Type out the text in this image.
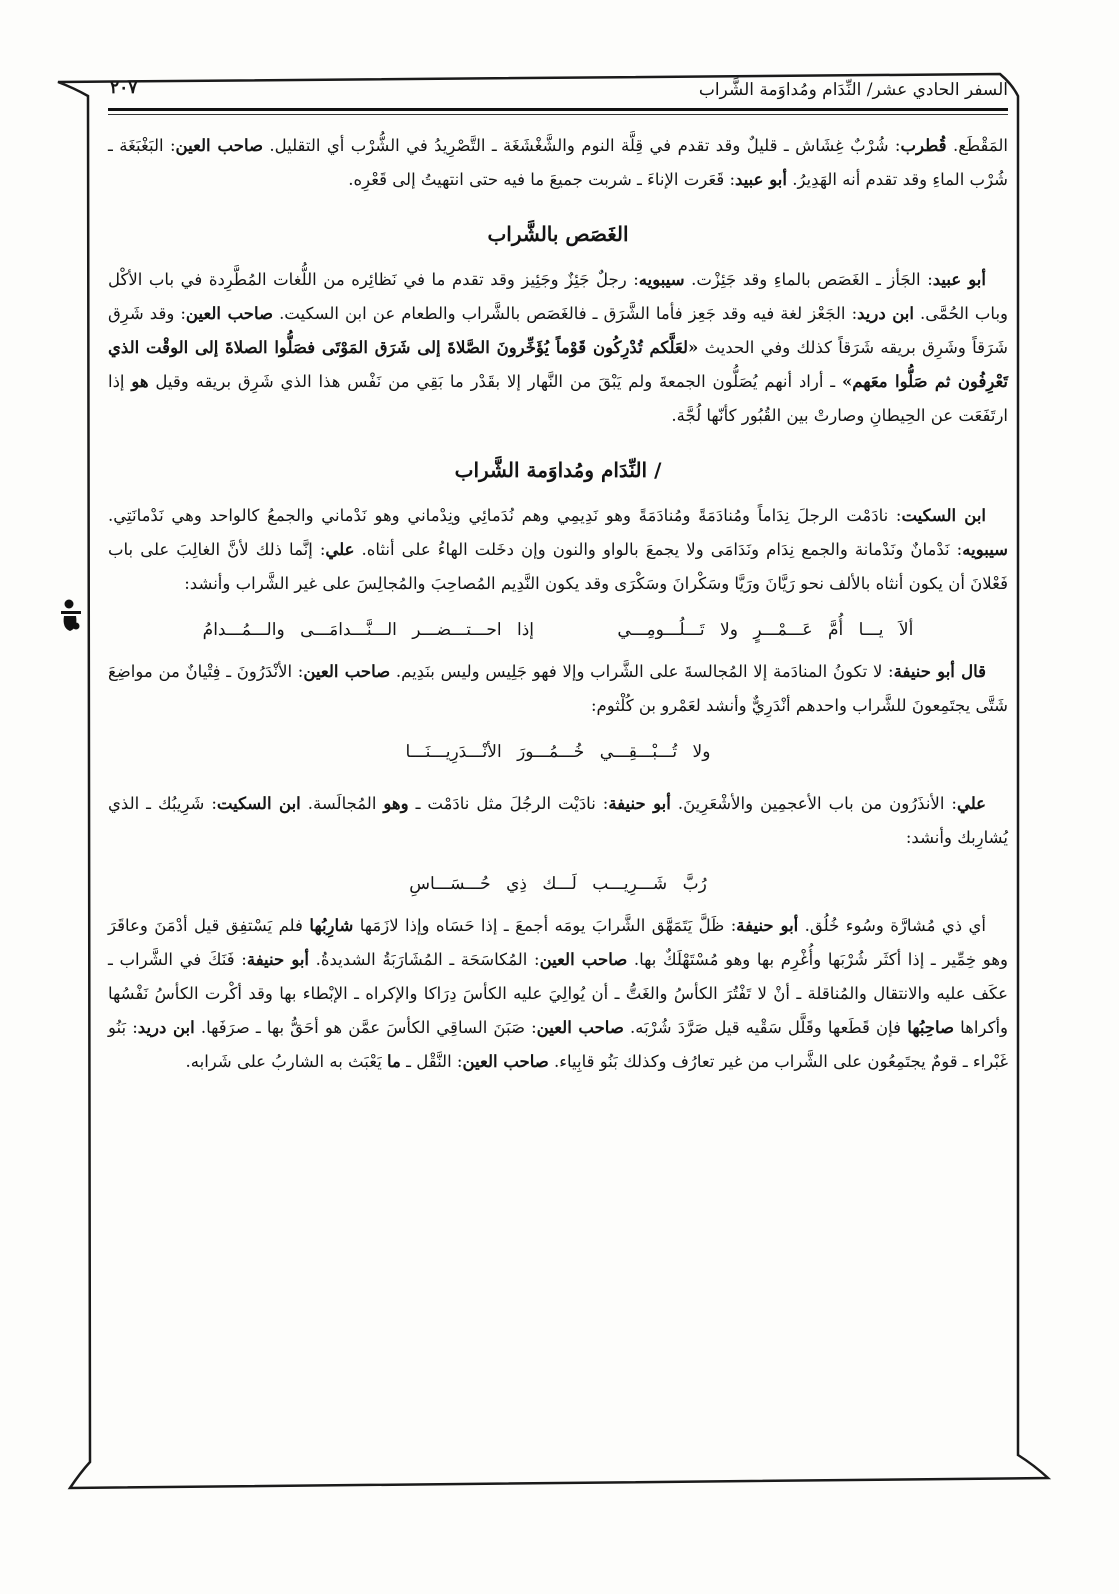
السفر الحادي عشر/ النِّدَام ومُداوَمة الشَّراب
٢٠٧

المَقْطَع. قُطرب: شُرْبٌ غِشَاش ـ قليلٌ وقد تقدم في قِلَّة النوم والشَّغْشَغَة ـ التَّصْرِيدُ في الشُّرْب أي التقليل. صاحب العين: البَغْبَغَة ـ شُرْب الماءِ وقد تقدم أنه الهَدِيرُ. أبو عبيد: قَعَرت الإناءَ ـ شربت جميعَ ما فيه حتى انتهيتُ إلى قَعْرِه.

الغَصَص بالشَّراب

أبو عبيد: الجَأز ـ الغَصَص بالماءِ وقد جَئِزْت. سيبويه: رجلٌ جَئِزٌ وجَئِيز وقد تقدم ما في نَظائِره من اللُّغات المُطَّرِدة في باب الأكْل وباب الحُمَّى. ابن دريد: الجَعْز لغة فيه وقد جَعِز فأما الشَّرَق ـ فالغَصَص بالشَّراب والطعام عن ابن السكيت. صاحب العين: وقد شَرِق شَرَقاً وشَرِق بريقه شَرَقاً كذلك وفي الحديث «لعَلَّكم تُدْرِكُون قَوْماً يُؤَخِّرونَ الصَّلاةَ إلى شَرَق المَوْتَى فصَلُّوا الصلاةَ إلى الوقْت الذي تَعْرِفُون ثم صَلُّوا معَهم» ـ أراد أنهم يُصَلُّون الجمعةَ ولم يَبْقَ من النَّهار إلا بقَدْر ما بَقِي من نَفْس هذا الذي شَرِق بريقه وقيل هو إذا ارتَفَعَت عن الحِيطانِ وصارتْ بين القُبُور كأنّها لُجَّة.

/ النِّدَام ومُداوَمة الشَّراب

ابن السكيت: نادَمْت الرجلَ نِدَاماً ومُنادَمَةً ومُنادَمَةً وهو نَدِيمِي وهم نُدَمائِي ونِدْماني وهو نَدْماني والجمعُ كالواحد وهي نَدْمانَتِي. سيبويه: نَدْمانٌ ونَدْمانة والجمع نِدَام ونَدَامَى ولا يجمعَ بالواو والنون وإن دخَلت الهاءُ على أنثاه. علي: إنَّما ذلك لأنَّ الغالِبَ على باب فَعْلانَ أن يكون أنثاه بالألف نحو رَيَّانَ ورَيَّا وسَكْرانَ وسَكْرَى وقد يكون النَّدِيم المُصاحِبَ والمُجالِسَ على غير الشَّراب وأنشد:

ألاَ يـــا أُمَّ عَـــمْـــرٍ ولا تَـــلُـــومِـــي إذا احـــتـــضـــر الـــنَّـــدامَـــى والـــمُـــدامُ

قال أبو حنيفة: لا تكونُ المنادَمة إلا المُجالسةَ على الشَّراب وإلا فهو جَلِيس وليس بنَدِيم. صاحب العين: الأنْدَرُونَ ـ فِتْيانٌ من مواضِعَ شَتَّى يجتَمِعونَ للشَّراب واحدهم أنْدَرِيٌّ وأنشد لعَمْرو بن كُلْثوم:

ولا تُـــبْـــقِـــي خُـــمُـــورَ الأنْـــدَرِيـــنَـــا

علي: الأنذَرُون من باب الأعجمِين والأشْعَرِينَ. أبو حنيفة: نادَيْت الرجُلَ مثل نادَمْت ـ وهو المُجالَسة. ابن السكيت: شَرِيبُك ـ الذي يُشارِبك وأنشد:

رُبَّ شَـــرِيـــب لَـــك ذِي حُـــسَـــاسِ

أي ذي مُشارَّة وسُوء خُلُق. أبو حنيفة: ظَلَّ يَتَمَهَّق الشَّرابَ يومَه أجمعَ ـ إذا حَسَاه وإذا لازَمَها شارِبُها فلم يَسْتفِق قيل أدْمَنَ وعاقَرَ وهو خِمِّير ـ إذا أكثَر شُرْبَها وأُغْرِم بها وهو مُسْتَهْلَكٌ بها. صاحب العين: المُكاسَحَة ـ المُشَارَبَةُ الشديدةُ. أبو حنيفة: فَنَكَ في الشَّراب ـ عكَف عليه والانتقال والمُناقلة ـ أنْ لا تَفْتُرَ الكأسُ والغَتُّ ـ أن يُوالِيَ عليه الكأسَ دِرَاكا والإكراه ـ الإبْطاء بها وقد أكْرت الكأسُ نَفْسُها وأكراها صاحِبُها فإن قَطَعها وقَلَّل سَقْيه قيل صَرَّدَ شُرْبَه. صاحب العين: صَبَنَ الساقِي الكأسَ عمَّن هو أحَقُّ بها ـ صرَفَها. ابن دريد: بَنُو غَبْراء ـ قومٌ يجتَمِعُون على الشَّراب من غير تعارُف وكذلك بَنُو قابِياء. صاحب العين: النَّقْل ـ ما يَعْبَث به الشاربُ على شَرابه.
